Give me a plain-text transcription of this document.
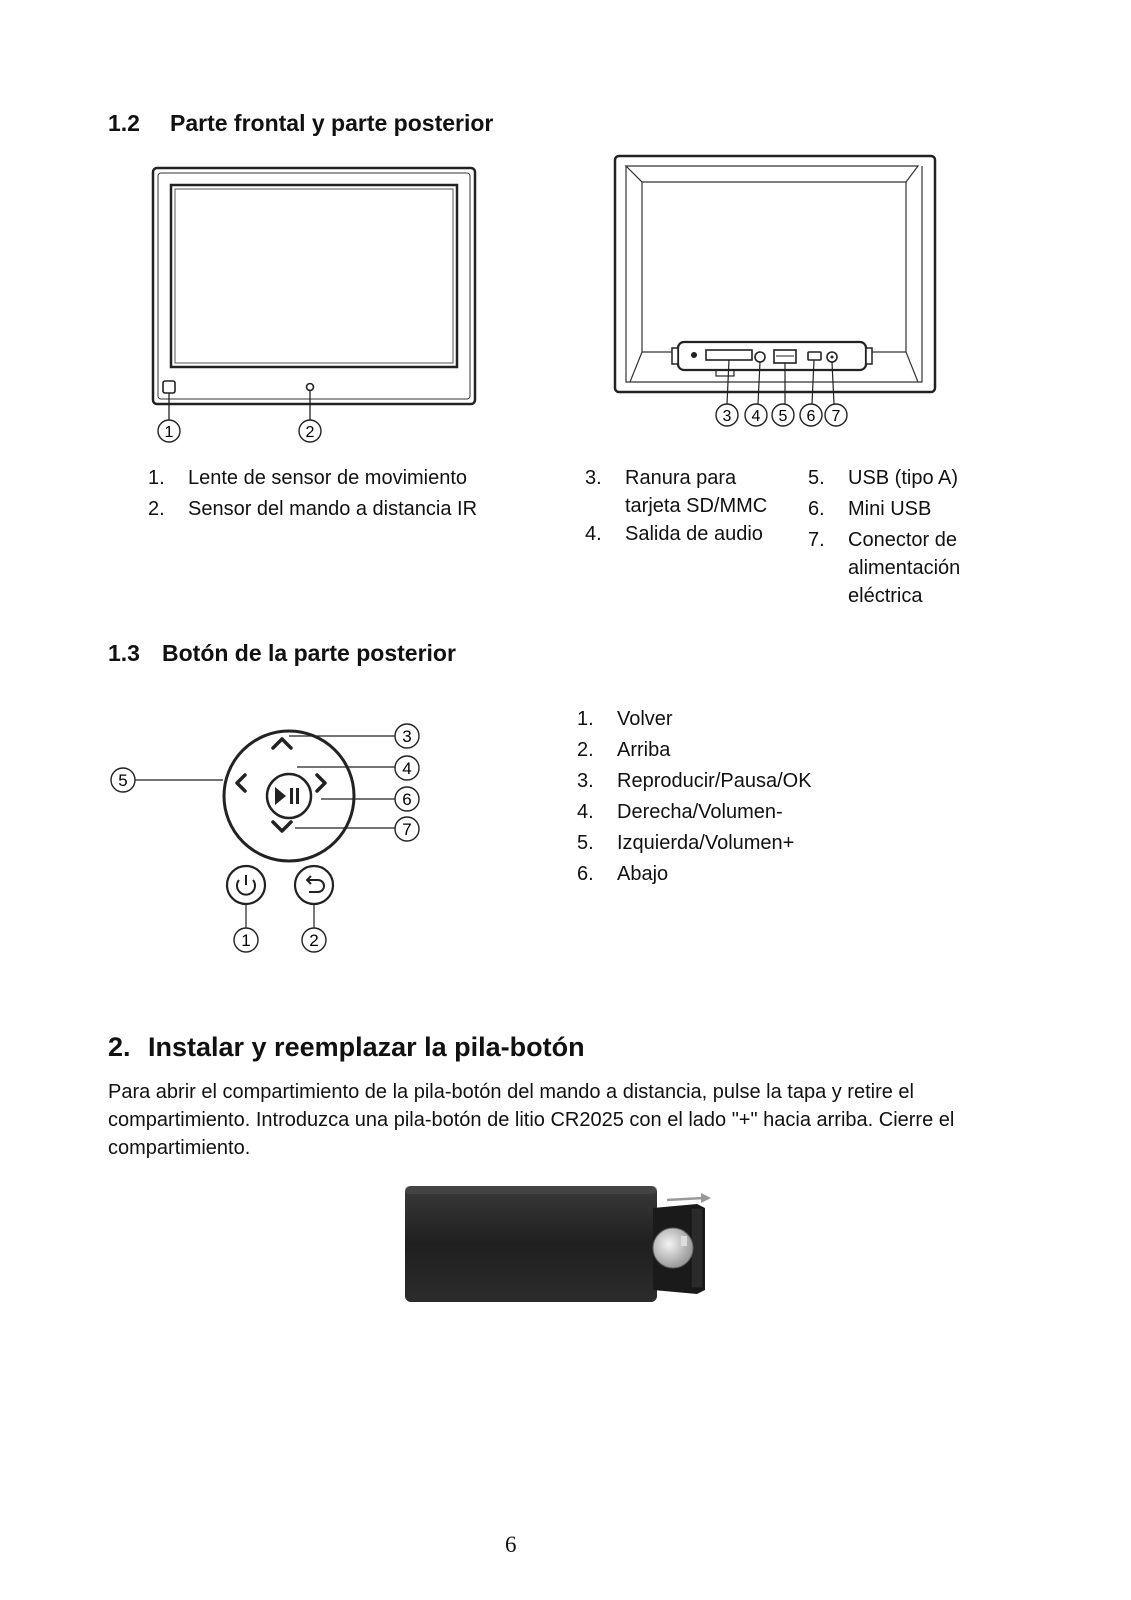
1.2 Parte frontal y parte posterior
1	2
3 4 5 6 7
1.	Lente de sensor de movimiento
2.	Sensor del mando a distancia IR
3.	Ranura para tarjeta SD/MMC
4.	Salida de audio
5.	USB (tipo A)
6.	Mini USB
7.	Conector de alimentación eléctrica
1.3 Botón de la parte posterior
3
4
6
7
5
1	2
1.	Volver
2.	Arriba
3.	Reproducir/Pausa/OK
4.	Derecha/Volumen-
5.	Izquierda/Volumen+
6.	Abajo
2. Instalar y reemplazar la pila-botón
Para abrir el compartimiento de la pila-botón del mando a distancia, pulse la tapa y retire el compartimiento. Introduzca una pila-botón de litio CR2025 con el lado "+" hacia arriba. Cierre el compartimiento.
6
